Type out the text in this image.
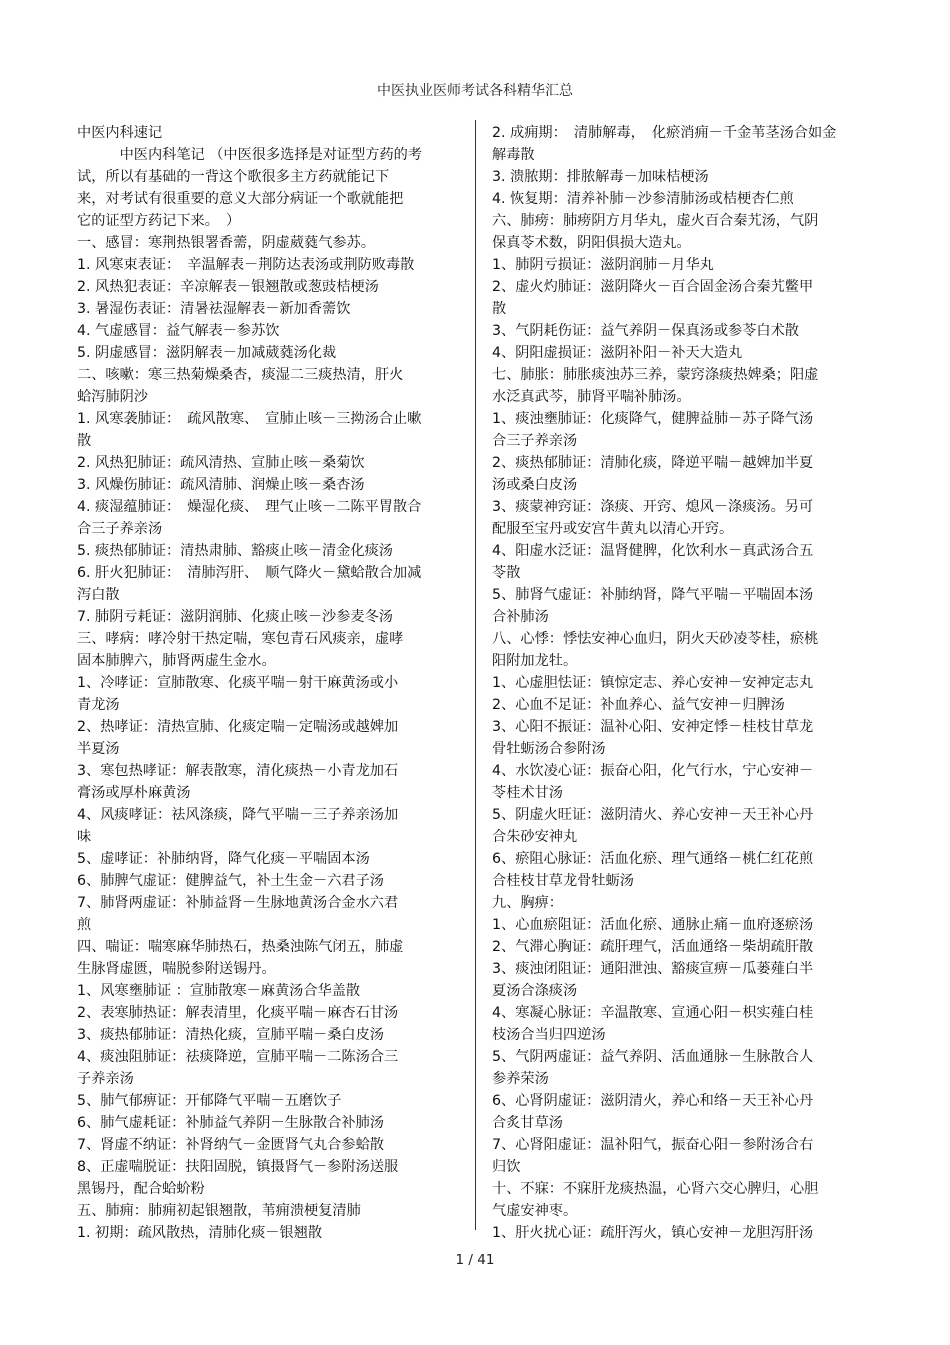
中医执业医师考试各科精华汇总
中医内科速记
　　　中医内科笔记 （中医很多选择是对证型方药的考
试，所以有基础的一背这个歌很多主方药就能记下
来，对考试有很重要的意义大部分病证一个歌就能把
它的证型方药记下来。　）
一、感冒：寒荆热银署香薷，阴虚葳蕤气参苏。
1. 风寒束表证：　辛温解表－荆防达表汤或荆防败毒散
2. 风热犯表证：辛凉解表－银翘散或葱豉桔梗汤
3. 暑湿伤表证：清暑祛湿解表－新加香薷饮
4. 气虚感冒：益气解表－参苏饮
5. 阴虚感冒：滋阴解表－加减葳蕤汤化裁
二、咳嗽：寒三热菊燥桑杏，痰湿二三痰热清，肝火
蛤泻肺阴沙
1. 风寒袭肺证：　疏风散寒、　宣肺止咳－三拗汤合止嗽
散
2. 风热犯肺证：疏风清热、宣肺止咳－桑菊饮
3. 风燥伤肺证：疏风清肺、润燥止咳－桑杏汤
4. 痰湿蕴肺证：　燥湿化痰、　理气止咳－二陈平胃散合
合三子养亲汤
5. 痰热郁肺证：清热肃肺、豁痰止咳－清金化痰汤
6. 肝火犯肺证：　清肺泻肝、　顺气降火－黛蛤散合加减
泻白散
7. 肺阴亏耗证：滋阴润肺、化痰止咳－沙参麦冬汤
三、哮病：哮冷射干热定喘，寒包青石风痰亲，虚哮
固本肺脾六，肺肾两虚生金水。
1、冷哮证：宣肺散寒、化痰平喘－射干麻黄汤或小
青龙汤
2、热哮证：清热宣肺、化痰定喘－定喘汤或越婢加
半夏汤
3、寒包热哮证：解表散寒，清化痰热－小青龙加石
膏汤或厚朴麻黄汤
4、风痰哮证：祛风涤痰，降气平喘－三子养亲汤加
味
5、虚哮证：补肺纳肾，降气化痰－平喘固本汤
6、肺脾气虚证：健脾益气，补土生金－六君子汤
7、肺肾两虚证：补肺益肾－生脉地黄汤合金水六君
煎
四、喘证：喘寒麻华肺热石，热桑浊陈气闭五，肺虚
生脉肾虚匮，喘脱参附送锡丹。
1、风寒壅肺证 ：宣肺散寒－麻黄汤合华盖散
2、表寒肺热证：解表清里，化痰平喘－麻杏石甘汤
3、痰热郁肺证：清热化痰，宣肺平喘－桑白皮汤
4、痰浊阻肺证：祛痰降逆，宣肺平喘－二陈汤合三
子养亲汤
5、肺气郁痹证：开郁降气平喘－五磨饮子
6、肺气虚耗证：补肺益气养阴－生脉散合补肺汤
7、肾虚不纳证：补肾纳气－金匮肾气丸合参蛤散
8、正虚喘脱证：扶阳固脱，镇摄肾气－参附汤送服
黑锡丹，配合蛤蚧粉
五、肺痈：肺痈初起银翘散，苇痈溃梗复清肺
1. 初期：疏风散热，清肺化痰－银翘散
2. 成痈期：　清肺解毒，　化瘀消痈－千金苇茎汤合如金
解毒散
3. 溃脓期：排脓解毒－加味桔梗汤
4. 恢复期：清养补肺－沙参清肺汤或桔梗杏仁煎
六、肺痨：肺痨阴方月华丸，虚火百合秦艽汤，气阴
保真苓术数，阴阳俱损大造丸。
1、肺阴亏损证：滋阴润肺－月华丸
2、虚火灼肺证：滋阴降火－百合固金汤合秦艽鳖甲
散
3、气阴耗伤证：益气养阴－保真汤或参苓白术散
4、阴阳虚损证：滋阴补阳－补天大造丸
七、肺胀：肺胀痰浊苏三养，蒙窍涤痰热婢桑；阳虚
水泛真武芩，肺肾平喘补肺汤。
1、痰浊壅肺证：化痰降气，健脾益肺－苏子降气汤
合三子养亲汤
2、痰热郁肺证：清肺化痰，降逆平喘－越婢加半夏
汤或桑白皮汤
3、痰蒙神窍证：涤痰、开窍、熄风－涤痰汤。另可
配服至宝丹或安宫牛黄丸以清心开窍。
4、阳虚水泛证：温肾健脾，化饮利水－真武汤合五
苓散
5、肺肾气虚证：补肺纳肾，降气平喘－平喘固本汤
合补肺汤
八、心悸：悸怯安神心血归，阴火天砂凌苓桂，瘀桃
阳附加龙牡。
1、心虚胆怯证：镇惊定志、养心安神－安神定志丸
2、心血不足证：补血养心、益气安神－归脾汤
3、心阳不振证：温补心阳、安神定悸－桂枝甘草龙
骨牡蛎汤合参附汤
4、水饮凌心证：振奋心阳，化气行水，宁心安神－
苓桂术甘汤
5、阴虚火旺证：滋阴清火、养心安神－天王补心丹
合朱砂安神丸
6、瘀阻心脉证：活血化瘀、理气通络－桃仁红花煎
合桂枝甘草龙骨牡蛎汤
九、胸痹：
1、心血瘀阻证：活血化瘀、通脉止痛－血府逐瘀汤
2、气滞心胸证：疏肝理气，活血通络－柴胡疏肝散
3、痰浊闭阻证：通阳泄浊、豁痰宣痹－瓜蒌薤白半
夏汤合涤痰汤
4、寒凝心脉证：辛温散寒、宣通心阳－枳实薤白桂
枝汤合当归四逆汤
5、气阴两虚证：益气养阴、活血通脉－生脉散合人
参养荣汤
6、心肾阴虚证：滋阴清火，养心和络－天王补心丹
合炙甘草汤
7、心肾阳虚证：温补阳气，振奋心阳－参附汤合右
归饮
十、不寐：不寐肝龙痰热温，心肾六交心脾归，心胆
气虚安神枣。
1、肝火扰心证：疏肝泻火，镇心安神－龙胆泻肝汤
1 / 41
